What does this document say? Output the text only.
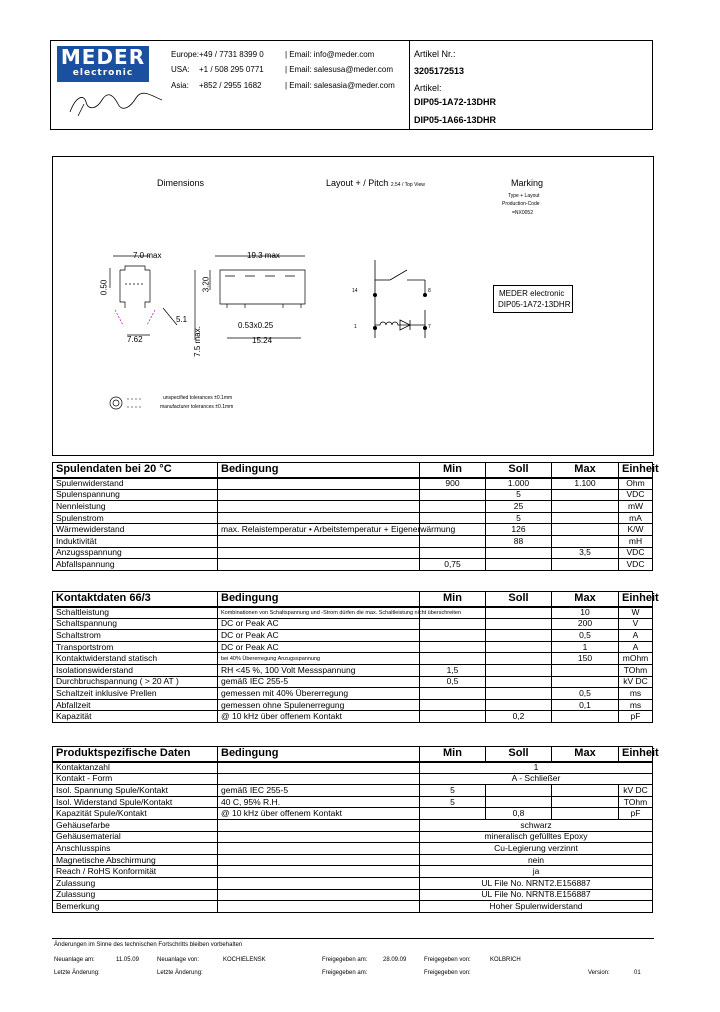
MEDER
electronic
Europe: +49 / 7731 8399 0	| Email: info@meder.com
USA: +1 / 508 295 0771	| Email: salesusa@meder.com
Asia: +852 / 2955 1682	| Email: salesasia@meder.com
Artikel Nr.:
3205172513
Artikel:
DIP05-1A72-13DHR
DIP05-1A66-13DHR
Dimensions	Layout + / Pitch 2.54 / Top View	Marking
Type + Layout
Production-Code
=NX0052
7.0 max	19.3 max
0.50	3.20
5.1
7.5 max.
7.62
0.53x0.25
15.24
14	8
1	7
MEDER electronic
DIP05-1A72-13DHR
unspecified tolerances ±0.1mm
manufacturer tolerances ±0.1mm
Spulendaten bei 20 °C	Bedingung	Min	Soll	Max	Einheit
Spulenwiderstand		900	1.000	1.100	Ohm
Spulenspannung			5		VDC
Nennleistung			25		mW
Spulenstrom			5		mA
Wärmewiderstand	max. Relaistemperatur • Arbeitstemperatur + Eigenerwärmung		126		K/W
Induktivität			88		mH
Anzugsspannung				3,5	VDC
Abfallspannung		0,75			VDC
Kontaktdaten 66/3	Bedingung	Min	Soll	Max	Einheit
Schaltleistung	Kombinationen von Schaltspannung und -Strom dürfen die max. Schaltleistung nicht überschreiten			10	W
Schaltspannung	DC or Peak AC			200	V
Schaltstrom	DC or Peak AC			0,5	A
Transportstrom	DC or Peak AC			1	A
Kontaktwiderstand statisch	bei 40% Übererregung Anzugsspannung			150	mOhm
Isolationswiderstand	RH <45 %, 100 Volt Messspannung	1,5			TOhm
Durchbruchspannung ( > 20 AT )	gemäß IEC 255-5	0,5			kV DC
Schaltzeit inklusive Prellen	gemessen mit 40% Übererregung			0,5	ms
Abfallzeit	gemessen ohne Spulenerregung			0,1	ms
Kapazität	@ 10 kHz über offenem Kontakt		0,2		pF
Produktspezifische Daten	Bedingung	Min	Soll	Max	Einheit
Kontaktanzahl		1			
Kontakt - Form		A - Schließer			
Isol. Spannung Spule/Kontakt	gemäß IEC 255-5	5			kV DC
Isol. Widerstand Spule/Kontakt	40 C, 95% R.H.	5			TOhm
Kapazität Spule/Kontakt	@ 10 kHz über offenem Kontakt		0,8		pF
Gehäusefarbe		schwarz			
Gehäusematerial		mineralisch gefülltes Epoxy			
Anschlusspins		Cu-Legierung verzinnt			
Magnetische Abschirmung		nein			
Reach / RoHS Konformität		ja			
Zulassung		UL File No. NRNT2.E156887			
Zulassung		UL File No. NRNT8.E156887			
Bemerkung		Hoher Spulenwiderstand			
Änderungen im Sinne des technischen Fortschritts bleiben vorbehalten
Neuanlage am:	11.05.09	Neuanlage von:	KOCHIELENSK	Freigegeben am:	28.09.09	Freigegeben von:	KOLBRICH
Letzte Änderung:	Letzte Änderung:	Freigegeben am:	Freigegeben von:	Version:	01
